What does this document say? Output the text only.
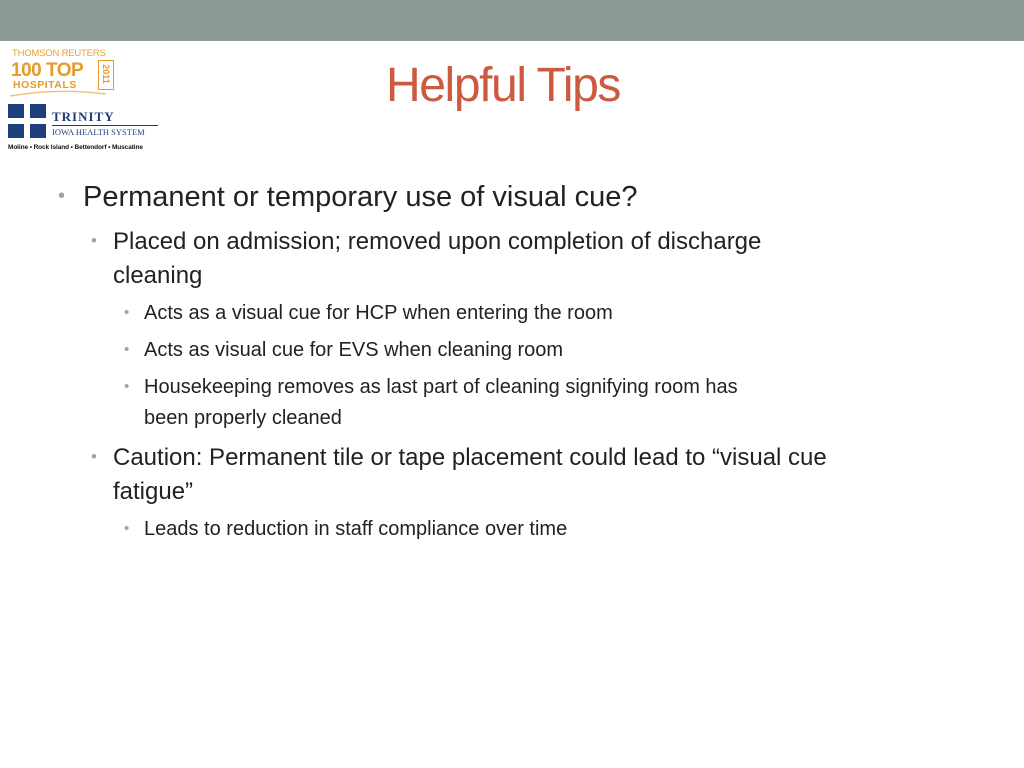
THOMSON REUTERS
100 TOP
HOSPITALS
2011
TRINITY
IOWA HEALTH SYSTEM
Moline • Rock Island • Bettendorf • Muscatine
Helpful Tips
• Permanent or temporary use of visual cue?
• Placed on admission; removed upon completion of discharge
cleaning
• Acts as a visual cue for HCP when entering the room
• Acts as visual cue for EVS when cleaning room
• Housekeeping removes as last part of cleaning signifying room has
been properly cleaned
• Caution: Permanent tile or tape placement could lead to “visual cue
fatigue”
• Leads to reduction in staff compliance over time
